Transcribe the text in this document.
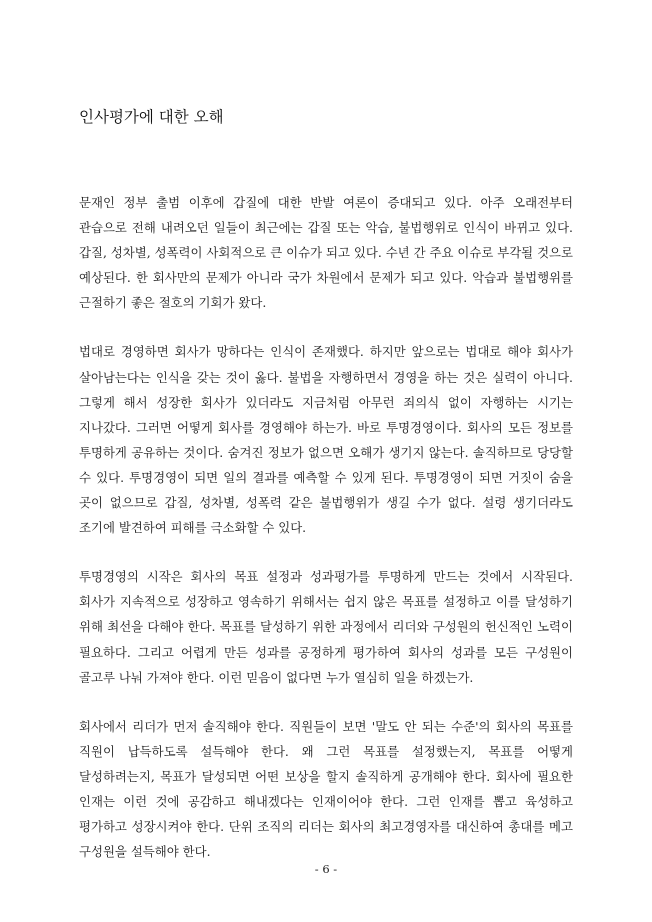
인사평가에 대한 오해

문재인 정부 출범 이후에 갑질에 대한 반발 여론이 증대되고 있다. 아주 오래전부터 관습으로 전해 내려오던 일들이 최근에는 갑질 또는 악습, 불법행위로 인식이 바뀌고 있다. 갑질, 성차별, 성폭력이 사회적으로 큰 이슈가 되고 있다. 수년 간 주요 이슈로 부각될 것으로 예상된다. 한 회사만의 문제가 아니라 국가 차원에서 문제가 되고 있다. 악습과 불법행위를 근절하기 좋은 절호의 기회가 왔다.

법대로 경영하면 회사가 망하다는 인식이 존재했다. 하지만 앞으로는 법대로 해야 회사가 살아남는다는 인식을 갖는 것이 옳다. 불법을 자행하면서 경영을 하는 것은 실력이 아니다. 그렇게 해서 성장한 회사가 있더라도 지금처럼 아무런 죄의식 없이 자행하는 시기는 지나갔다. 그러면 어떻게 회사를 경영해야 하는가. 바로 투명경영이다. 회사의 모든 정보를 투명하게 공유하는 것이다. 숨겨진 정보가 없으면 오해가 생기지 않는다. 솔직하므로 당당할 수 있다. 투명경영이 되면 일의 결과를 예측할 수 있게 된다. 투명경영이 되면 거짓이 숨을 곳이 없으므로 갑질, 성차별, 성폭력 같은 불법행위가 생길 수가 없다. 설령 생기더라도 조기에 발견하여 피해를 극소화할 수 있다.

투명경영의 시작은 회사의 목표 설정과 성과평가를 투명하게 만드는 것에서 시작된다. 회사가 지속적으로 성장하고 영속하기 위해서는 쉽지 않은 목표를 설정하고 이를 달성하기 위해 최선을 다해야 한다. 목표를 달성하기 위한 과정에서 리더와 구성원의 헌신적인 노력이 필요하다. 그리고 어렵게 만든 성과를 공정하게 평가하여 회사의 성과를 모든 구성원이 골고루 나눠 가져야 한다. 이런 믿음이 없다면 누가 열심히 일을 하겠는가.

회사에서 리더가 먼저 솔직해야 한다. 직원들이 보면 '말도 안 되는 수준'의 회사의 목표를 직원이 납득하도록 설득해야 한다. 왜 그런 목표를 설정했는지, 목표를 어떻게 달성하려는지, 목표가 달성되면 어떤 보상을 할지 솔직하게 공개해야 한다. 회사에 필요한 인재는 이런 것에 공감하고 해내겠다는 인재이어야 한다. 그런 인재를 뽑고 육성하고 평가하고 성장시켜야 한다. 단위 조직의 리더는 회사의 최고경영자를 대신하여 총대를 메고 구성원을 설득해야 한다.

- 6 -
